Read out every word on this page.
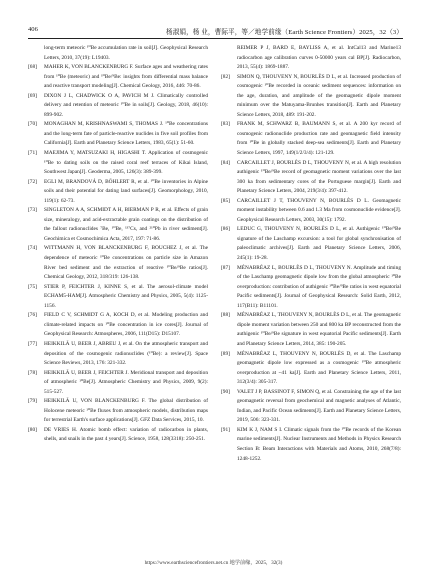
406	杨淑娟，杨 业，曹际平，等／地学前缘（Earth Science Frontiers）2025，32（3）
long-term meteoric ¹⁰Be accumulation rate in soil[J]. Geophysical Research Letters, 2010, 37(19): L19403.
[68] MAHER K, VON BLANCKENBURG F. Surface ages and weathering rates from ¹⁰Be (meteoric) and ¹⁰Be/⁹Be: insights from differential mass balance and reactive transport modeling[J]. Chemical Geology, 2016, 446: 70-86.
[69] DIXON J L, CHADWICK O A, PAVICH M J. Climatically controlled delivery and retention of meteoric ¹⁰Be in soils[J]. Geology, 2018, 46(10): 899-902.
[70] MONAGHAN M, KRISHNASWAMI S, THOMAS J. ¹⁰Be concentrations and the long-term fate of particle-reactive nuclides in five soil profiles from California[J]. Earth and Planetary Science Letters, 1983, 65(1): 51-60.
[71] MAEJIMA Y, MATSUZAKI H, HIGASHI T. Application of cosmogenic ¹⁰Be to dating soils on the raised coral reef terraces of Kikai Island, Southwest Japan[J]. Geoderma, 2005, 126(3): 389-399.
[72] EGLI M, BRANDOVÁ D, BÖHLERT R, et al. ¹⁰Be inventories in Alpine soils and their potential for dating land surfaces[J]. Geomorphology, 2010, 119(1): 62-73.
[73] SINGLETON A A, SCHMIDT A H, BIERMAN P R, et al. Effects of grain size, mineralogy, and acid-extractable grain coatings on the distribution of the fallout radionuclides ⁷Be, ¹⁰Be, ¹³⁷Cs, and ²¹⁰Pb in river sediment[J]. Geochimica et Cosmochimica Acta, 2017, 197: 71-86.
[74] WITTMANN H, VON BLANCKENBURG F, BOUCHEZ J, et al. The dependence of meteoric ¹⁰Be concentrations on particle size in Amazon River bed sediment and the extraction of reactive ¹⁰Be/⁹Be ratios[J]. Chemical Geology, 2012, 318/319: 126-138.
[75] STIER P, FEICHTER J, KINNE S, et al. The aerosol-climate model ECHAM5-HAM[J]. Atmospheric Chemistry and Physics, 2005, 5(4): 1125-1156.
[76] FIELD C V, SCHMIDT G A, KOCH D, et al. Modeling production and climate-related impacts on ¹⁰Be concentration in ice cores[J]. Journal of Geophysical Research: Atmospheres, 2006, 111(D15): D15107.
[77] HEIKKILÄ U, BEER J, ABREU J, et al. On the atmospheric transport and deposition of the cosmogenic radionuclides (¹⁰Be): a review[J]. Space Science Reviews, 2013, 176: 321-332.
[78] HEIKKILÄ U, BEER J, FEICHTER J. Meridional transport and deposition of atmospheric ¹⁰Be[J]. Atmospheric Chemistry and Physics, 2009, 9(2): 515-527.
[79] HEIKKILÄ U, VON BLANCKENBURG F. The global distribution of Holocene meteoric ¹⁰Be fluxes from atmospheric models, distribution maps for terrestrial Earth's surface applications[J]. GFZ Data Services, 2015, 10.
[80] DE VRIES H. Atomic bomb effect: variation of radiocarbon in plants, shells, and snails in the past 4 years[J]. Science, 1958, 128(3318): 250-251.
REIMER P J, BARD E, BAYLISS A, et al. IntCal13 and Marine13 radiocarbon age calibration curves 0-50000 years cal BP[J]. Radiocarbon, 2013, 55(4): 1869-1887.
[82] SIMON Q, THOUVENY N, BOURLÈS D L, et al. Increased production of cosmogenic ¹⁰Be recorded in oceanic sediment sequences: information on the age, duration, and amplitude of the geomagnetic dipole moment minimum over the Matuyama-Brunhes transition[J]. Earth and Planetary Science Letters, 2018, 489: 191-202.
[83] FRANK M, SCHWARZ B, BAUMANN S, et al. A 200 kyr record of cosmogenic radionuclide production rate and geomagnetic field intensity from ¹⁰Be in globally stacked deep-sea sediments[J]. Earth and Planetary Science Letters, 1997, 149(1/2/3/4): 121-129.
[84] CARCAILLET J, BOURLÈS D L, THOUVENY N, et al. A high resolution authigenic ¹⁰Be/⁹Be record of geomagnetic moment variations over the last 300 ka from sedimentary cores of the Portuguese margin[J]. Earth and Planetary Science Letters, 2004, 219(3/4): 397-412.
[85] CARCAILLET J T, THOUVENY N, BOURLÈS D L. Geomagnetic moment instability between 0.6 and 1.3 Ma from cosmonuclide evidence[J]. Geophysical Research Letters, 2003, 30(15): 1792.
[86] LEDUC G, THOUVENY N, BOURLÈS D L, et al. Authigenic ¹⁰Be/⁹Be signature of the Laschamp excursion: a tool for global synchronisation of paleoclimatic archives[J]. Earth and Planetary Science Letters, 2006, 245(1): 19-28.
[87] MÉNABRÉAZ L, BOURLÈS D L, THOUVENY N. Amplitude and timing of the Laschamp geomagnetic dipole low from the global atmospheric ¹⁰Be overproduction: contribution of authigenic ¹⁰Be/⁹Be ratios in west equatorial Pacific sediments[J]. Journal of Geophysical Research: Solid Earth, 2012, 117(B11): B11101.
[88] MÉNABRÉAZ L, THOUVENY N, BOURLÈS D L, et al. The geomagnetic dipole moment variation between 250 and 800 ka BP reconstructed from the authigenic ¹⁰Be/⁹Be signature in west equatorial Pacific sediments[J]. Earth and Planetary Science Letters, 2014, 385: 190-205.
[89] MÉNABRÉAZ L, THOUVENY N, BOURLÈS D, et al. The Laschamp geomagnetic dipole low expressed as a cosmogenic ¹⁰Be atmospheric overproduction at ~41 ka[J]. Earth and Planetary Science Letters, 2011, 312(3/4): 305-317.
[90] VALET J P, BASSINOT F, SIMON Q, et al. Constraining the age of the last geomagnetic reversal from geochemical and magnetic analyses of Atlantic, Indian, and Pacific Ocean sediments[J]. Earth and Planetary Science Letters, 2019, 506: 323-331.
[91] KIM K J, NAM S I. Climatic signals from the ¹⁰Be records of the Korean marine sediments[J]. Nuclear Instruments and Methods in Physics Research Section B: Beam Interactions with Materials and Atoms, 2010, 268(7/8): 1248-1252.
https://www.earthsciencefrontiers.net.cn 地学前缘，2025，32(3)
